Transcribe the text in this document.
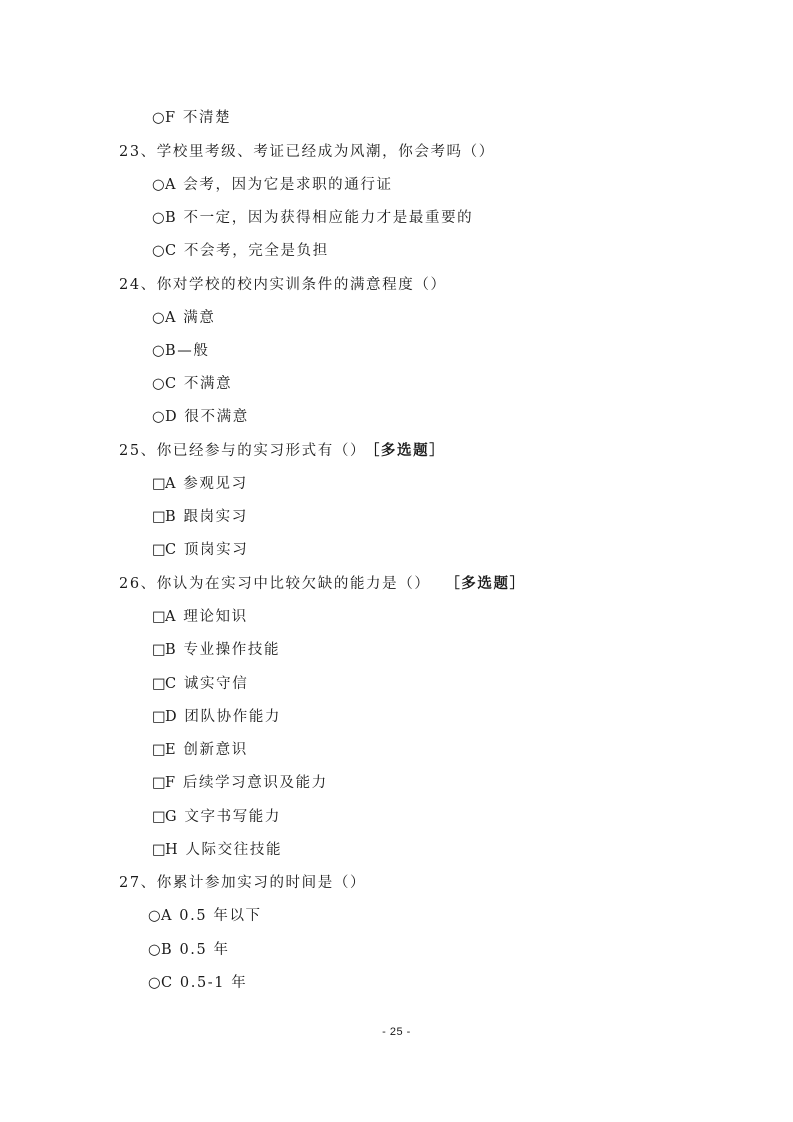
○F 不清楚
23、学校里考级、考证已经成为风潮，你会考吗（）
○A 会考，因为它是求职的通行证
○B 不一定，因为获得相应能力才是最重要的
○C 不会考，完全是负担
24、你对学校的校内实训条件的满意程度（）
○A 满意
○B—般
○C 不满意
○D 很不满意
25、你已经参与的实习形式有（） ［多选题］
□A 参观见习
□B 跟岗实习
□C 顶岗实习
26、你认为在实习中比较欠缺的能力是（） ［多选题］
□A 理论知识
□B 专业操作技能
□C 诚实守信
□D 团队协作能力
□E 创新意识
□F 后续学习意识及能力
□G 文字书写能力
□H 人际交往技能
27、你累计参加实习的时间是（）
○A 0.5 年以下
○B 0.5 年
○C 0.5-1 年
- 25 -
